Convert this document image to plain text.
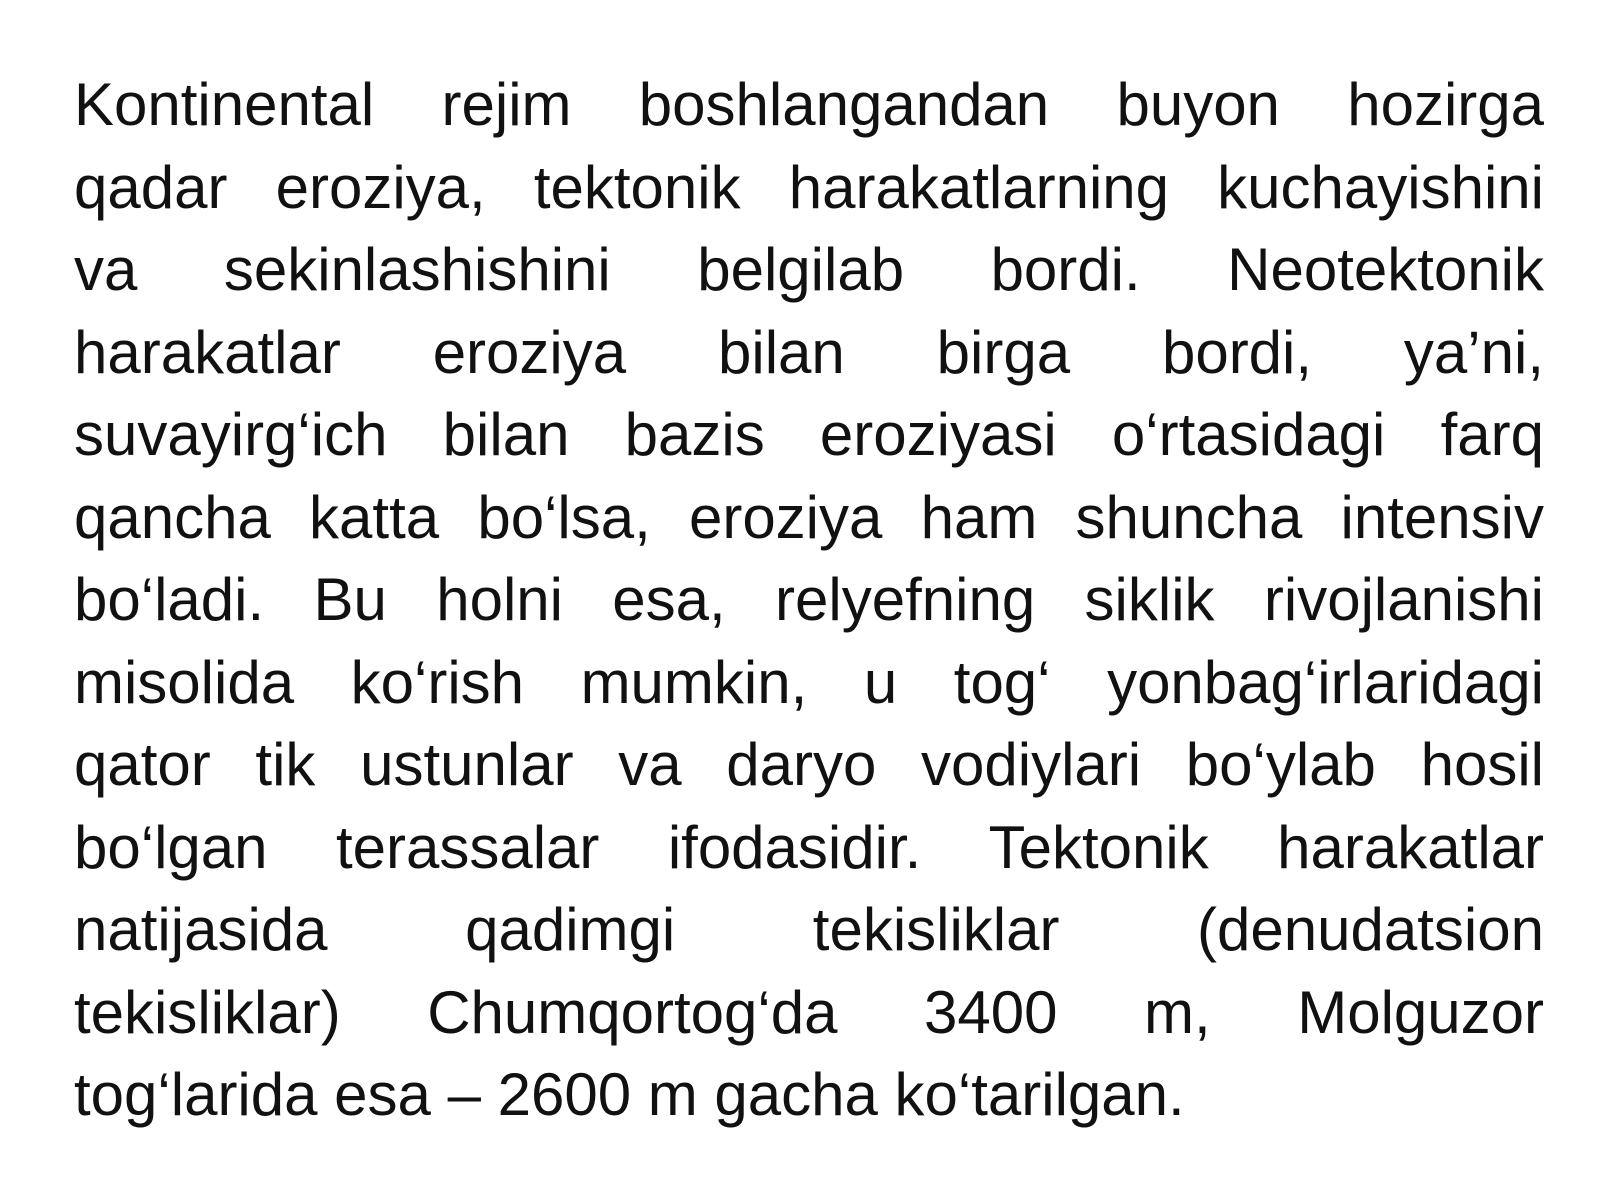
Kontinental rejim boshlangandan buyon hozirga
qadar eroziya, tektonik harakatlarning kuchayishini
va sekinlashishini belgilab bordi. Neotektonik
harakatlar eroziya bilan birga bordi, ya’ni,
suvayirg‘ich bilan bazis eroziyasi o‘rtasidagi farq
qancha katta bo‘lsa, eroziya ham shuncha intensiv
bo‘ladi. Bu holni esa, relyefning siklik rivojlanishi
misolida ko‘rish mumkin, u tog‘ yonbag‘irlaridagi
qator tik ustunlar va daryo vodiylari bo‘ylab hosil
bo‘lgan terassalar ifodasidir. Tektonik harakatlar
natijasida qadimgi tekisliklar (denudatsion
tekisliklar) Chumqortog‘da 3400 m, Molguzor
tog‘larida esa – 2600 m gacha ko‘tarilgan.
